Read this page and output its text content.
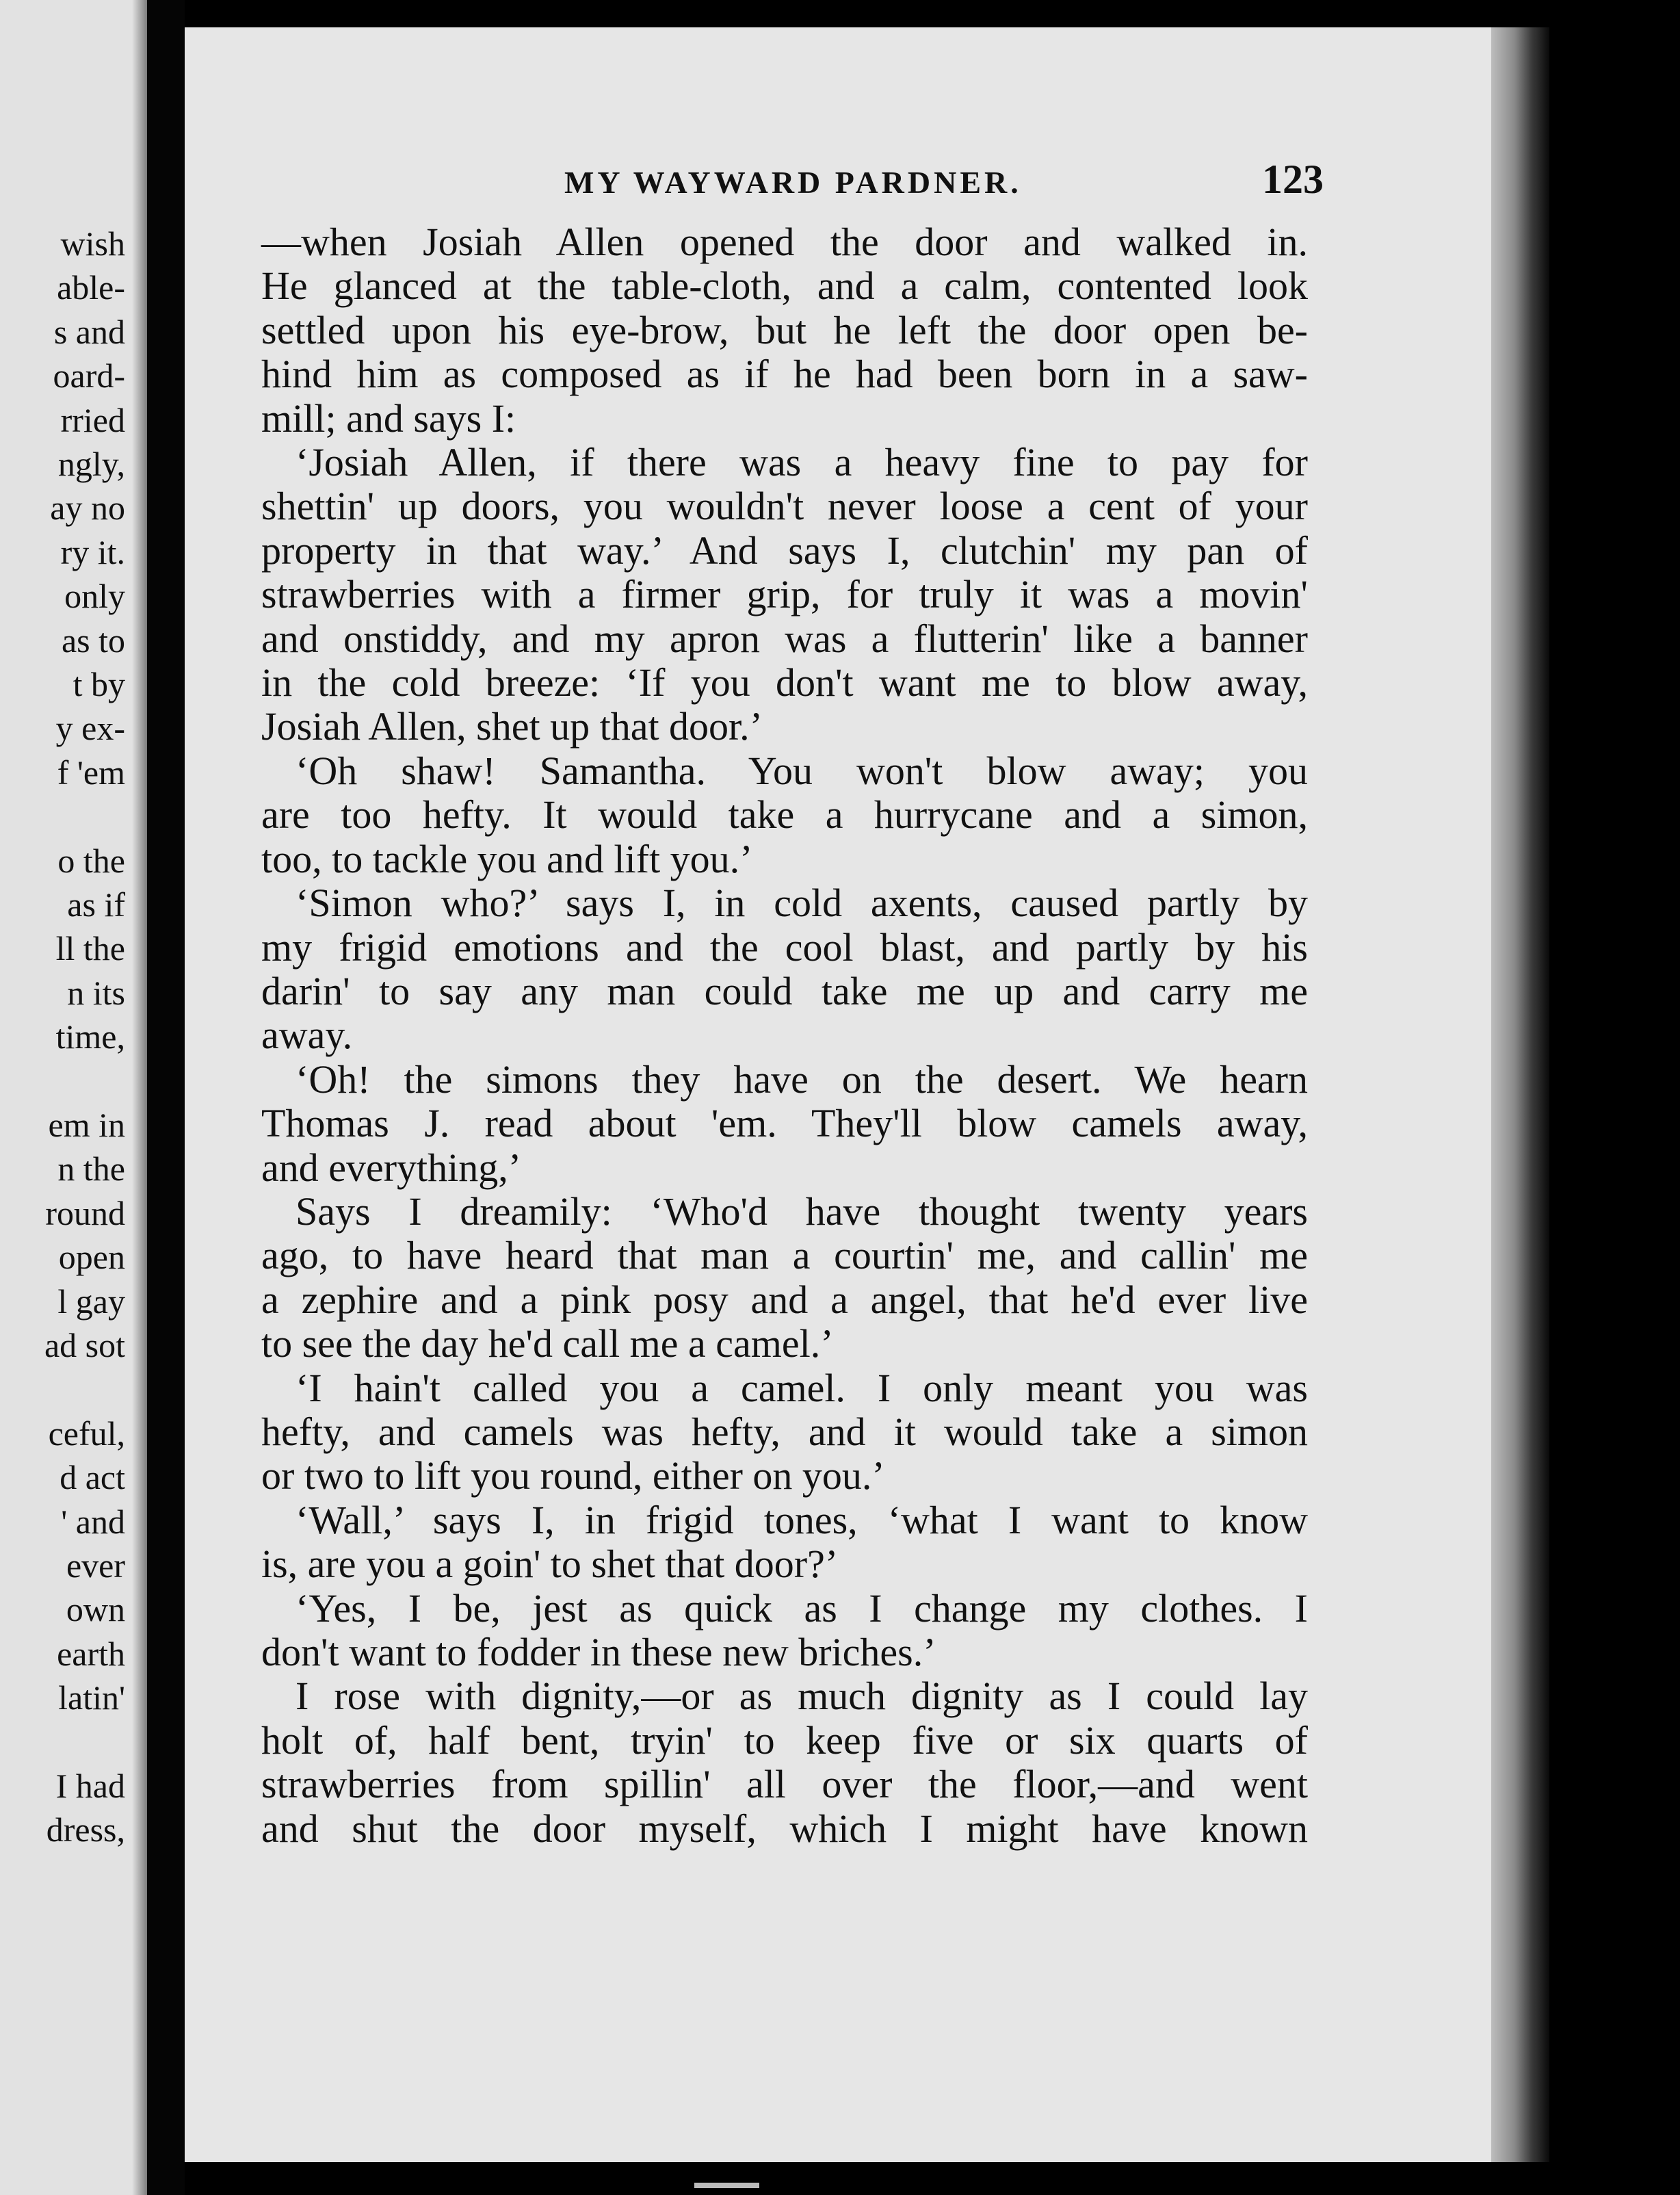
wish
able-
s and
oard-
rried
ngly,
ay no
ry it.
only
as to
t by
y ex-
f 'em
o the
as if
ll the
n its
time,
em in
n the
round
open
l gay
ad sot
ceful,
d act
' and
ever
own
earth
latin'
I had
dress,
MY WAYWARD PARDNER.	123
—when Josiah Allen opened the door and walked in.
He glanced at the table-cloth, and a calm, contented look
settled upon his eye-brow, but he left the door open be-
hind him as composed as if he had been born in a saw-
mill; and says I:
‘Josiah Allen, if there was a heavy fine to pay for
shettin' up doors, you wouldn't never loose a cent of your
property in that way.’ And says I, clutchin' my pan of
strawberries with a firmer grip, for truly it was a movin'
and onstiddy, and my apron was a flutterin' like a banner
in the cold breeze: ‘If you don't want me to blow away,
Josiah Allen, shet up that door.’
‘Oh shaw! Samantha. You won't blow away; you
are too hefty. It would take a hurrycane and a simon,
too, to tackle you and lift you.’
‘Simon who?’ says I, in cold axents, caused partly by
my frigid emotions and the cool blast, and partly by his
darin' to say any man could take me up and carry me
away.
‘Oh! the simons they have on the desert. We hearn
Thomas J. read about 'em. They'll blow camels away,
and everything,’
Says I dreamily: ‘Who'd have thought twenty years
ago, to have heard that man a courtin' me, and callin' me
a zephire and a pink posy and a angel, that he'd ever live
to see the day he'd call me a camel.’
‘I hain't called you a camel. I only meant you was
hefty, and camels was hefty, and it would take a simon
or two to lift you round, either on you.’
‘Wall,’ says I, in frigid tones, ‘what I want to know
is, are you a goin' to shet that door?’
‘Yes, I be, jest as quick as I change my clothes. I
don't want to fodder in these new briches.’
I rose with dignity,—or as much dignity as I could lay
holt of, half bent, tryin' to keep five or six quarts of
strawberries from spillin' all over the floor,—and went
and shut the door myself, which I might have known
